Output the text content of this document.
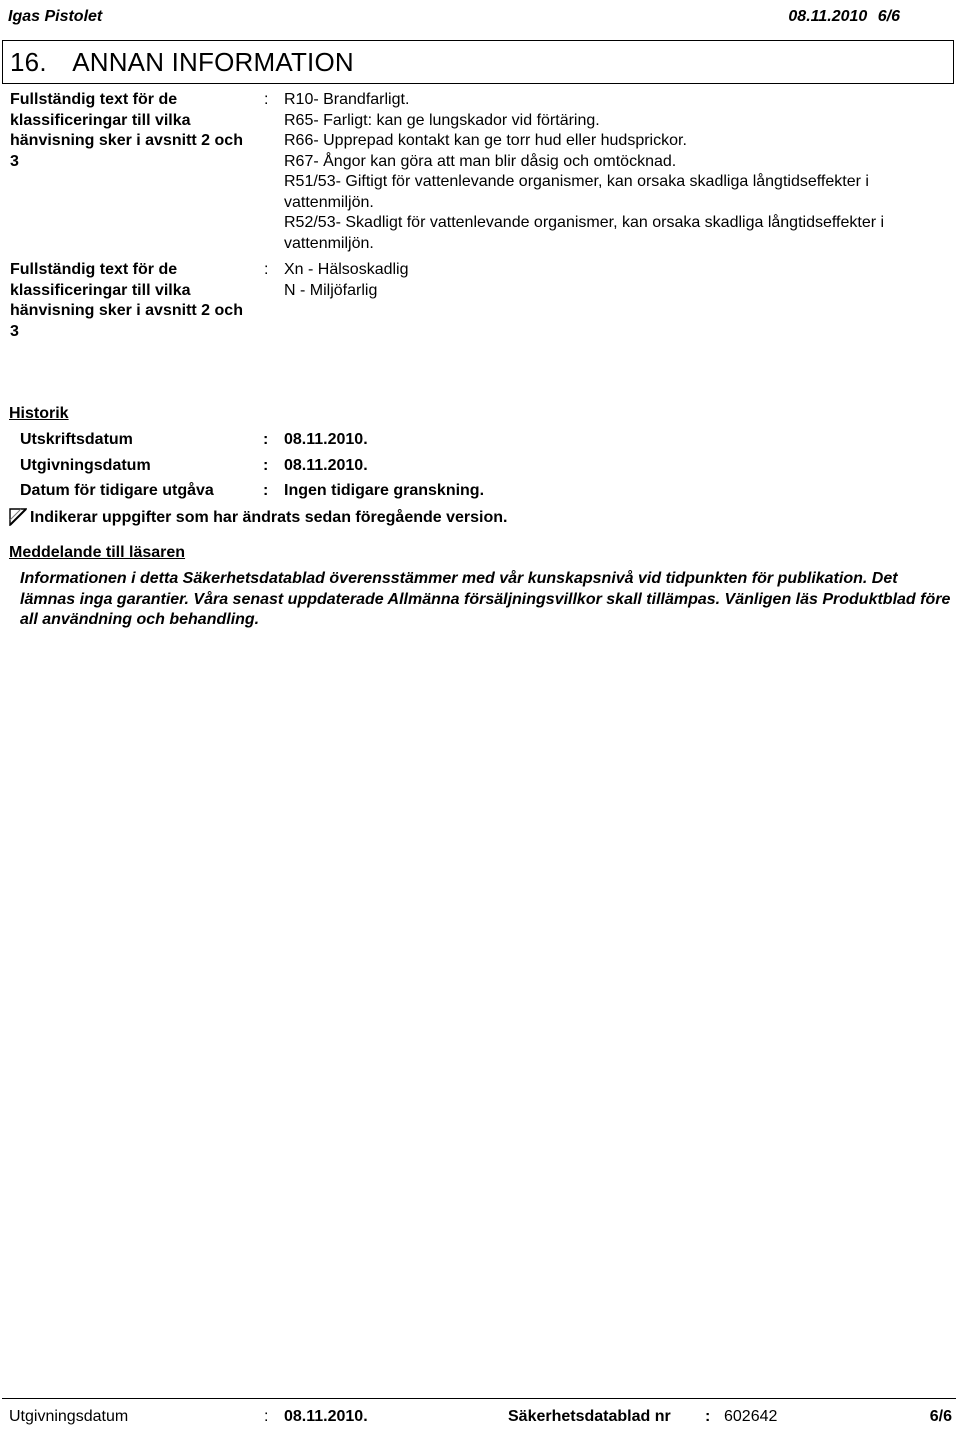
Igas Pistolet	08.11.2010 6/6
16. ANNAN INFORMATION
Fullständig text för de klassificeringar till vilka hänvisning sker i avsnitt 2 och 3
: R10- Brandfarligt.
R65- Farligt: kan ge lungskador vid förtäring.
R66- Upprepad kontakt kan ge torr hud eller hudsprickor.
R67- Ångor kan göra att man blir dåsig och omtöcknad.
R51/53- Giftigt för vattenlevande organismer, kan orsaka skadliga långtidseffekter i
vattenmiljön.
R52/53- Skadligt för vattenlevande organismer, kan orsaka skadliga långtidseffekter i
vattenmiljön.
Fullständig text för de klassificeringar till vilka hänvisning sker i avsnitt 2 och 3
: Xn - Hälsoskadlig
N - Miljöfarlig
Historik
Utskriftsdatum	: 08.11.2010.
Utgivningsdatum	: 08.11.2010.
Datum för tidigare utgåva	: Ingen tidigare granskning.
Indikerar uppgifter som har ändrats sedan föregående version.
Meddelande till läsaren
Informationen i detta Säkerhetsdatablad överensstämmer med vår kunskapsnivå vid tidpunkten för publikation. Det lämnas inga garantier. Våra senast uppdaterade Allmänna försäljningsvillkor skall tillämpas. Vänligen läs Produktblad före all användning och behandling.
Utgivningsdatum	: 08.11.2010.	Säkerhetsdatablad nr : 602642	6/6
